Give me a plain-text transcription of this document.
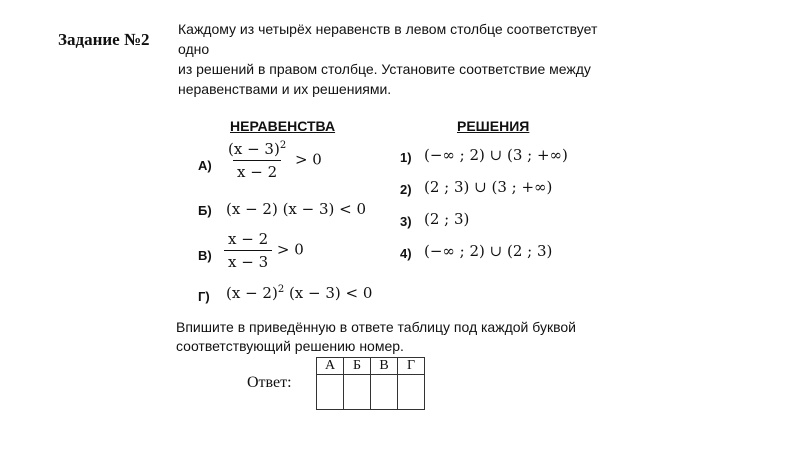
Задание №2
Каждому из четырёх неравенств в левом столбце соответствует
одно
из решений в правом столбце. Установите соответствие между
неравенствами и их решениями.
НЕРАВЕНСТВА	РЕШЕНИЯ
$А) \frac{(x - 3)^2}{x - 2} > 0$
Б) (x − 2) (x − 3) < 0
$В) \frac{x - 2}{x - 3} > 0$
Г) $(x - 2)^2$ (x − 3) < 0
1) (−∞ ; 2) ∪ (3 ; +∞)
2) (2 ; 3) ∪ (3 ; +∞)
3) (2 ; 3)
4) (−∞ ; 2) ∪ (2 ; 3)
Впишите в приведённую в ответе таблицу под каждой буквой
соответствующий решению номер.
Ответ:
А	Б	В	Г
